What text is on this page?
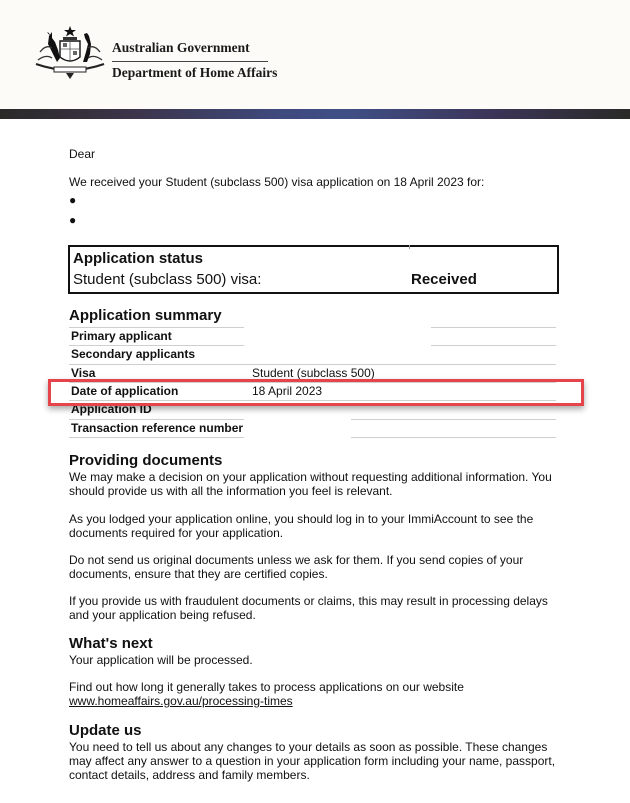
Australian Government
Department of Home Affairs
Dear
We received your Student (subclass 500) visa application on 18 April 2023 for:
●
●
Application status
Student (subclass 500) visa:	Received
Application summary
Primary applicant
Secondary applicants
Visa	Student (subclass 500)
Date of application	18 April 2023
Application ID
Transaction reference number
Providing documents
We may make a decision on your application without requesting additional information. You
should provide us with all the information you feel is relevant.
As you lodged your application online, you should log in to your ImmiAccount to see the
documents required for your application.
Do not send us original documents unless we ask for them. If you send copies of your
documents, ensure that they are certified copies.
If you provide us with fraudulent documents or claims, this may result in processing delays
and your application being refused.
What's next
Your application will be processed.
Find out how long it generally takes to process applications on our website
www.homeaffairs.gov.au/processing-times
Update us
You need to tell us about any changes to your details as soon as possible. These changes
may affect any answer to a question in your application form including your name, passport,
contact details, address and family members.
